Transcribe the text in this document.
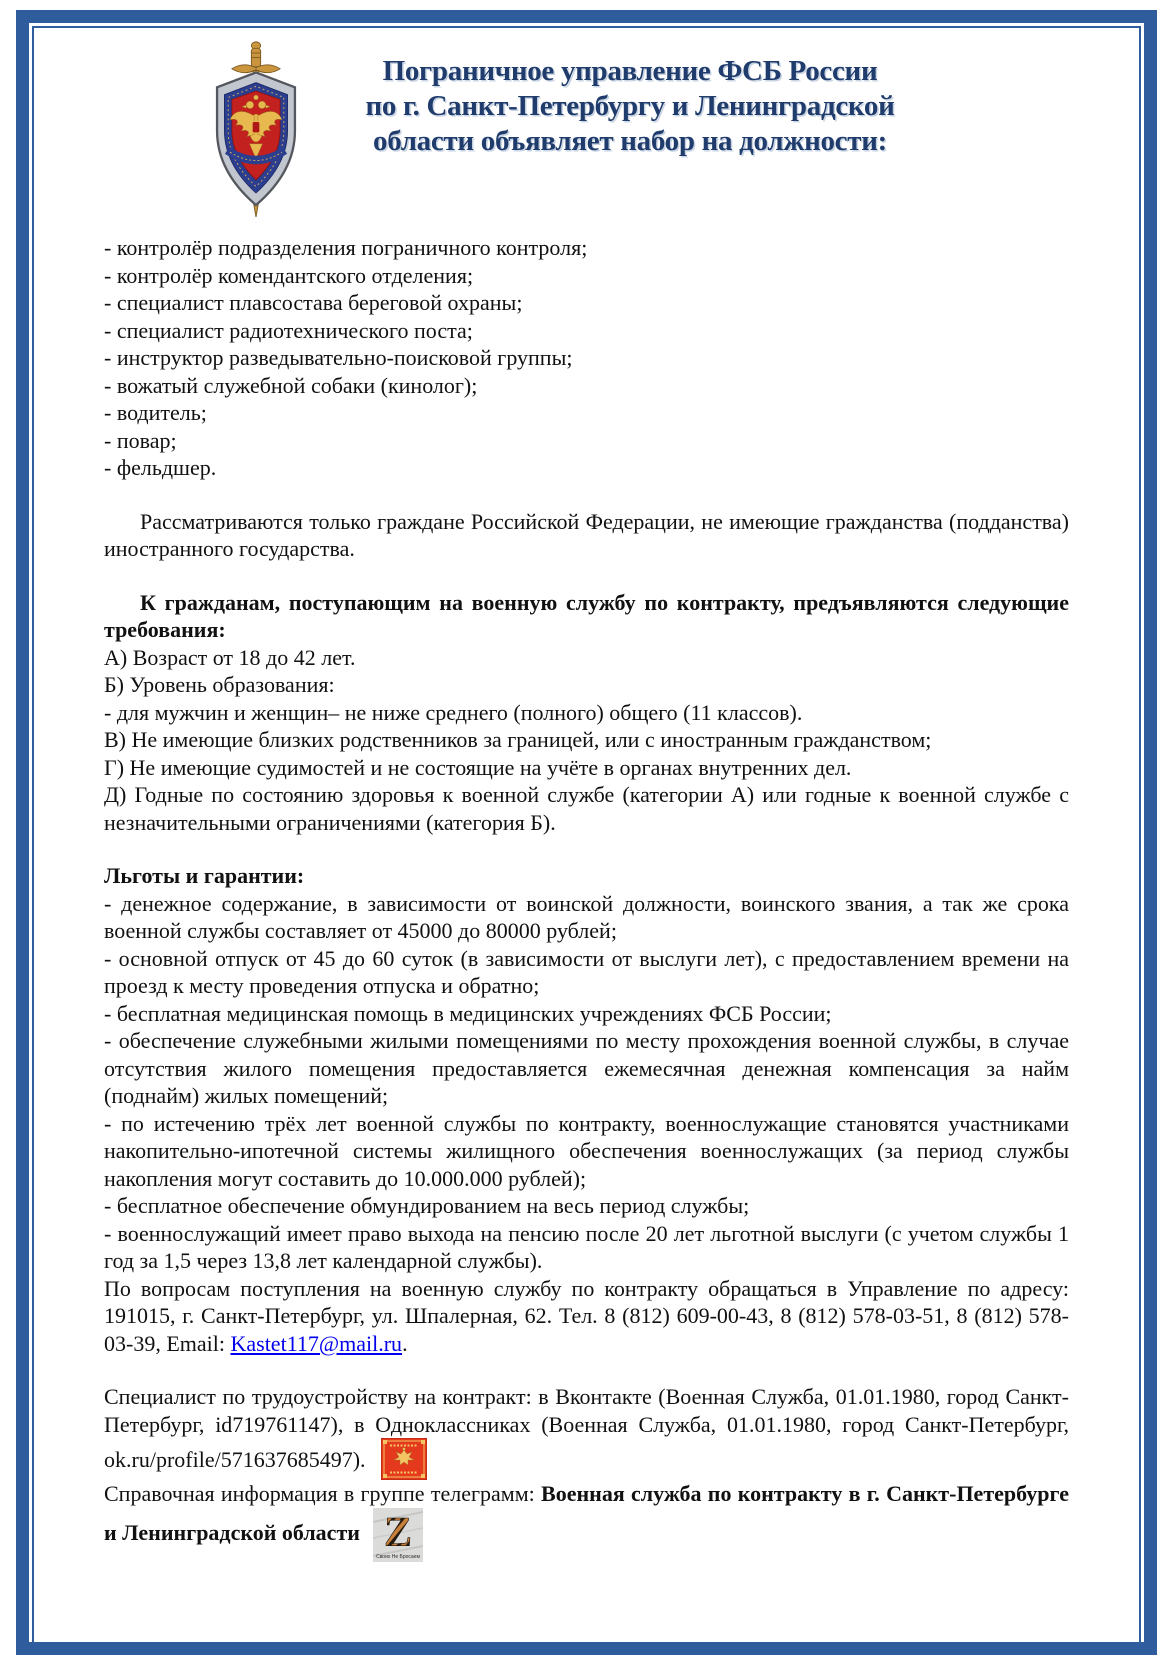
Пограничное управление ФСБ России
по г. Санкт-Петербургу и Ленинградской
области объявляет набор на должности:
- контролёр подразделения пограничного контроля;
- контролёр комендантского отделения;
- специалист плавсостава береговой охраны;
- специалист радиотехнического поста;
- инструктор разведывательно-поисковой группы;
- вожатый служебной собаки (кинолог);
- водитель;
- повар;
- фельдшер.

Рассматриваются только граждане Российской Федерации, не имеющие гражданства (подданства) иностранного государства.

К гражданам, поступающим на военную службу по контракту, предъявляются следующие требования:

А) Возраст от 18 до 42 лет.

Б) Уровень образования:

- для мужчин и женщин– не ниже среднего (полного) общего (11 классов).

В) Не имеющие близких родственников за границей, или с иностранным гражданством;

Г) Не имеющие судимостей и не состоящие на учёте в органах внутренних дел.

Д) Годные по состоянию здоровья к военной службе (категории А) или годные к военной службе с незначительными ограничениями (категория Б).

Льготы и гарантии:

- денежное содержание, в зависимости от воинской должности, воинского звания, а так же срока военной службы составляет от 45000 до 80000 рублей;

- основной отпуск от 45 до 60 суток (в зависимости от выслуги лет), с предоставлением времени на проезд к месту проведения отпуска и обратно;

- бесплатная медицинская помощь в медицинских учреждениях ФСБ России;

- обеспечение служебными жилыми помещениями по месту прохождения военной службы, в случае отсутствия жилого помещения предоставляется ежемесячная денежная компенсация за найм (поднайм) жилых помещений;

- по истечению трёх лет военной службы по контракту, военнослужащие становятся участниками накопительно-ипотечной системы жилищного обеспечения военнослужащих (за период службы накопления могут составить до 10.000.000 рублей);

- бесплатное обеспечение обмундированием на весь период службы;

- военнослужащий имеет право выхода на пенсию после 20 лет льготной выслуги (с учетом службы 1 год за 1,5 через 13,8 лет календарной службы).

По вопросам поступления на военную службу по контракту обращаться в Управление по адресу: 191015, г. Санкт-Петербург, ул. Шпалерная, 62. Тел. 8 (812) 609-00-43, 8 (812) 578-03-51, 8 (812) 578-03-39, Email: Kastet117@mail.ru.

Специалист по трудоустройству на контракт: в Вконтакте (Военная Служба, 01.01.1980, город Санкт-Петербург, id719761147), в Одноклассниках (Военная Служба, 01.01.1980, город Санкт-Петербург, ok.ru/profile/571637685497).

Справочная информация в группе телеграмм: Военная служба по контракту в г. Санкт-Петербурге и Ленинградской области Z
Своих Не Бросаем
